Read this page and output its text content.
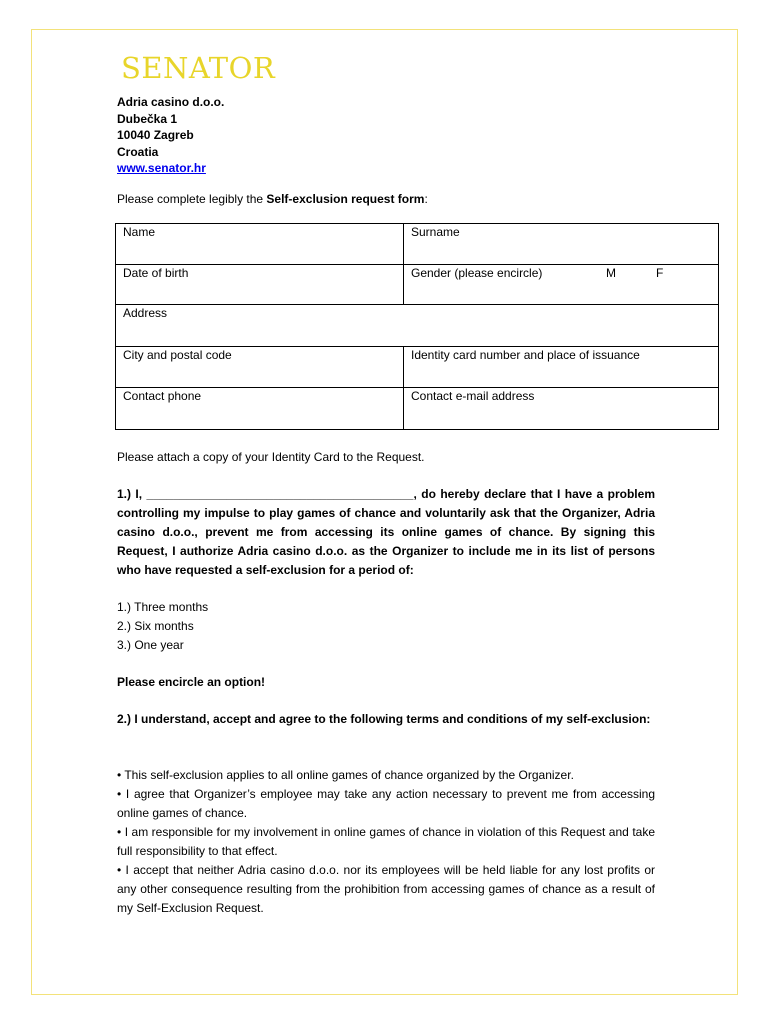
SENATOR
Adria casino d.o.o.
Dubečka 1
10040 Zagreb
Croatia
www.senator.hr

Please complete legibly the Self-exclusion request form:

Name	Surname
Date of birth	Gender (please encircle) M F

Address	
City and postal code	Identity card number and place of issuance
Contact phone	Contact e-mail address

Please attach a copy of your Identity Card to the Request.

1.) I, ________________________________________, do hereby declare that I have a problem controlling my impulse to play games of chance and voluntarily ask that the Organizer, Adria casino d.o.o., prevent me from accessing its online games of chance. By signing this Request, I authorize Adria casino d.o.o. as the Organizer to include me in its list of persons who have requested a self-exclusion for a period of:

1.) Three months
2.) Six months
3.) One year

Please encircle an option!

2.) I understand, accept and agree to the following terms and conditions of my self-exclusion:

• This self-exclusion applies to all online games of chance organized by the Organizer.

• I agree that Organizer’s employee may take any action necessary to prevent me from accessing online games of chance.

• I am responsible for my involvement in online games of chance in violation of this Request and take full responsibility to that effect.

• I accept that neither Adria casino d.o.o. nor its employees will be held liable for any lost profits or any other consequence resulting from the prohibition from accessing games of chance as a result of my Self-Exclusion Request.
